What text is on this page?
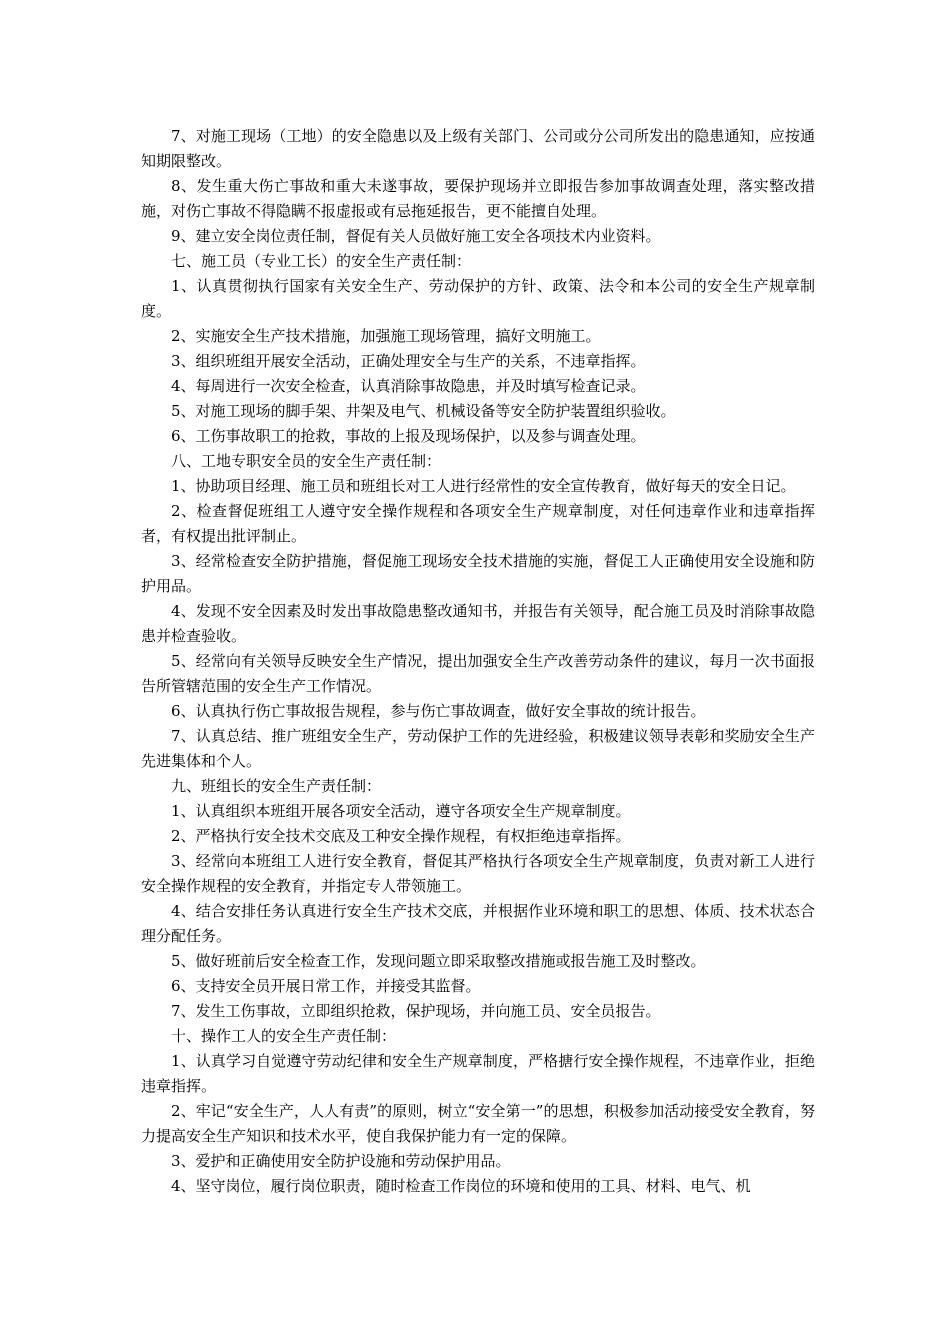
7、对施工现场（工地）的安全隐患以及上级有关部门、公司或分公司所发出的隐患通知，应按通知期限整改。

8、发生重大伤亡事故和重大未遂事故，要保护现场并立即报告参加事故调查处理，落实整改措施，对伤亡事故不得隐瞒不报虚报或有忌拖延报告，更不能擅自处理。

9、建立安全岗位责任制，督促有关人员做好施工安全各项技术内业资料。

七、施工员（专业工长）的安全生产责任制：

1、认真贯彻执行国家有关安全生产、劳动保护的方针、政策、法令和本公司的安全生产规章制度。

2、实施安全生产技术措施，加强施工现场管理，搞好文明施工。

3、组织班组开展安全活动，正确处理安全与生产的关系，不违章指挥。

4、每周进行一次安全检查，认真消除事故隐患，并及时填写检查记录。

5、对施工现场的脚手架、井架及电气、机械设备等安全防护装置组织验收。

6、工伤事故职工的抢救，事故的上报及现场保护，以及参与调查处理。

八、工地专职安全员的安全生产责任制：

1、协助项目经理、施工员和班组长对工人进行经常性的安全宣传教育，做好每天的安全日记。

2、检查督促班组工人遵守安全操作规程和各项安全生产规章制度，对任何违章作业和违章指挥者，有权提出批评制止。

3、经常检查安全防护措施，督促施工现场安全技术措施的实施，督促工人正确使用安全设施和防护用品。

4、发现不安全因素及时发出事故隐患整改通知书，并报告有关领导，配合施工员及时消除事故隐患并检查验收。

5、经常向有关领导反映安全生产情况，提出加强安全生产改善劳动条件的建议，每月一次书面报告所管辖范围的安全生产工作情况。

6、认真执行伤亡事故报告规程，参与伤亡事故调查，做好安全事故的统计报告。

7、认真总结、推广班组安全生产，劳动保护工作的先进经验，积极建议领导表彰和奖励安全生产先进集体和个人。

九、班组长的安全生产责任制：

1、认真组织本班组开展各项安全活动，遵守各项安全生产规章制度。

2、严格执行安全技术交底及工种安全操作规程，有权拒绝违章指挥。

3、经常向本班组工人进行安全教育，督促其严格执行各项安全生产规章制度，负责对新工人进行安全操作规程的安全教育，并指定专人带领施工。

4、结合安排任务认真进行安全生产技术交底，并根据作业环境和职工的思想、体质、技术状态合理分配任务。

5、做好班前后安全检查工作，发现问题立即采取整改措施或报告施工及时整改。

6、支持安全员开展日常工作，并接受其监督。

7、发生工伤事故，立即组织抢救，保护现场，并向施工员、安全员报告。

十、操作工人的安全生产责任制：

1、认真学习自觉遵守劳动纪律和安全生产规章制度，严格搪行安全操作规程，不违章作业，拒绝违章指挥。

2、牢记“安全生产，人人有责”的原则，树立“安全第一”的思想，积极参加活动接受安全教育，努力提高安全生产知识和技术水平，使自我保护能力有一定的保障。

3、爱护和正确使用安全防护设施和劳动保护用品。

4、坚守岗位，履行岗位职责，随时检查工作岗位的环境和使用的工具、材料、电气、机
